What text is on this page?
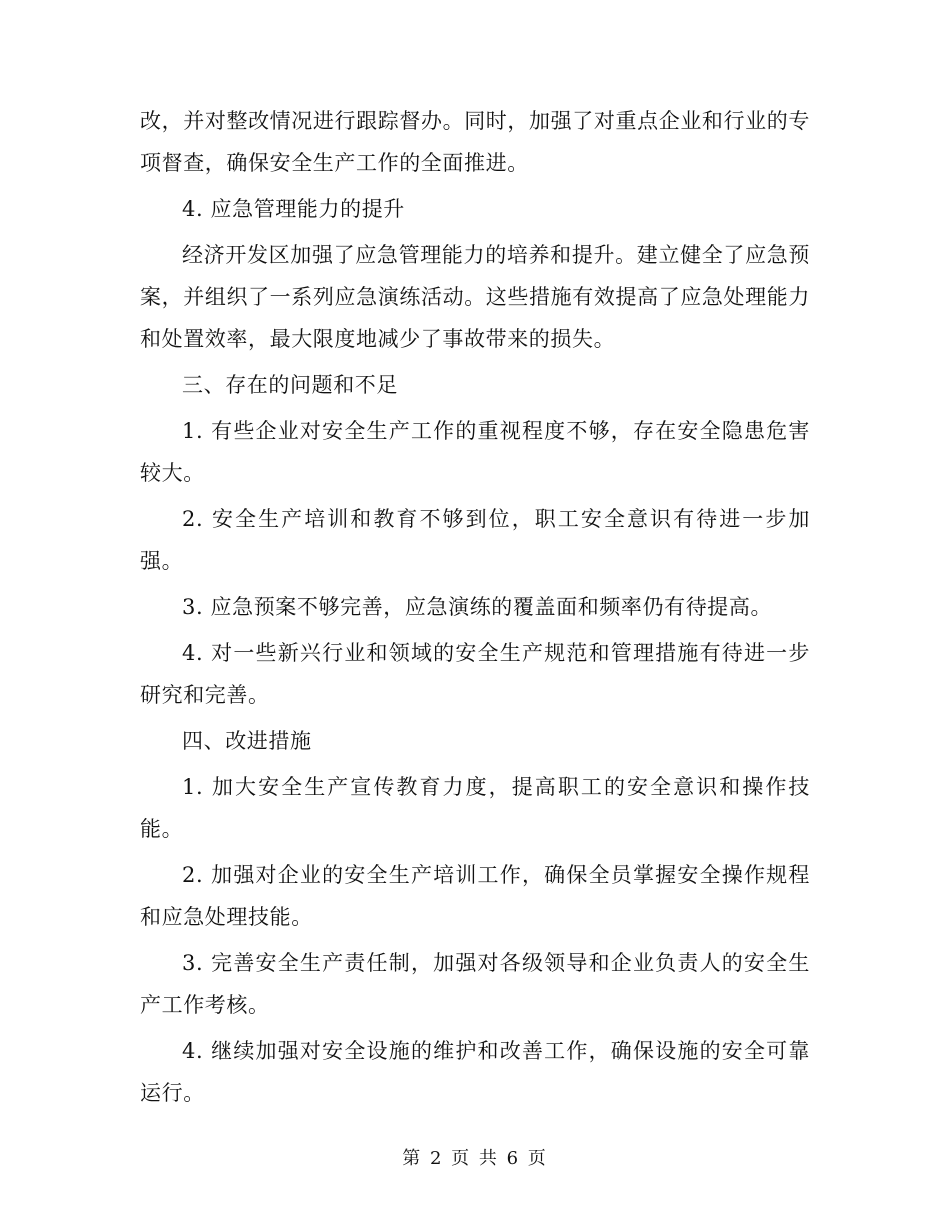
改，并对整改情况进行跟踪督办。同时，加强了对重点企业和行业的专项督查，确保安全生产工作的全面推进。

4. 应急管理能力的提升

经济开发区加强了应急管理能力的培养和提升。建立健全了应急预案，并组织了一系列应急演练活动。这些措施有效提高了应急处理能力和处置效率，最大限度地减少了事故带来的损失。

三、存在的问题和不足

1. 有些企业对安全生产工作的重视程度不够，存在安全隐患危害较大。

2. 安全生产培训和教育不够到位，职工安全意识有待进一步加强。

3. 应急预案不够完善，应急演练的覆盖面和频率仍有待提高。

4. 对一些新兴行业和领域的安全生产规范和管理措施有待进一步研究和完善。

四、改进措施

1. 加大安全生产宣传教育力度，提高职工的安全意识和操作技能。

2. 加强对企业的安全生产培训工作，确保全员掌握安全操作规程和应急处理技能。

3. 完善安全生产责任制，加强对各级领导和企业负责人的安全生产工作考核。

4. 继续加强对安全设施的维护和改善工作，确保设施的安全可靠运行。

第 2 页 共 6 页
